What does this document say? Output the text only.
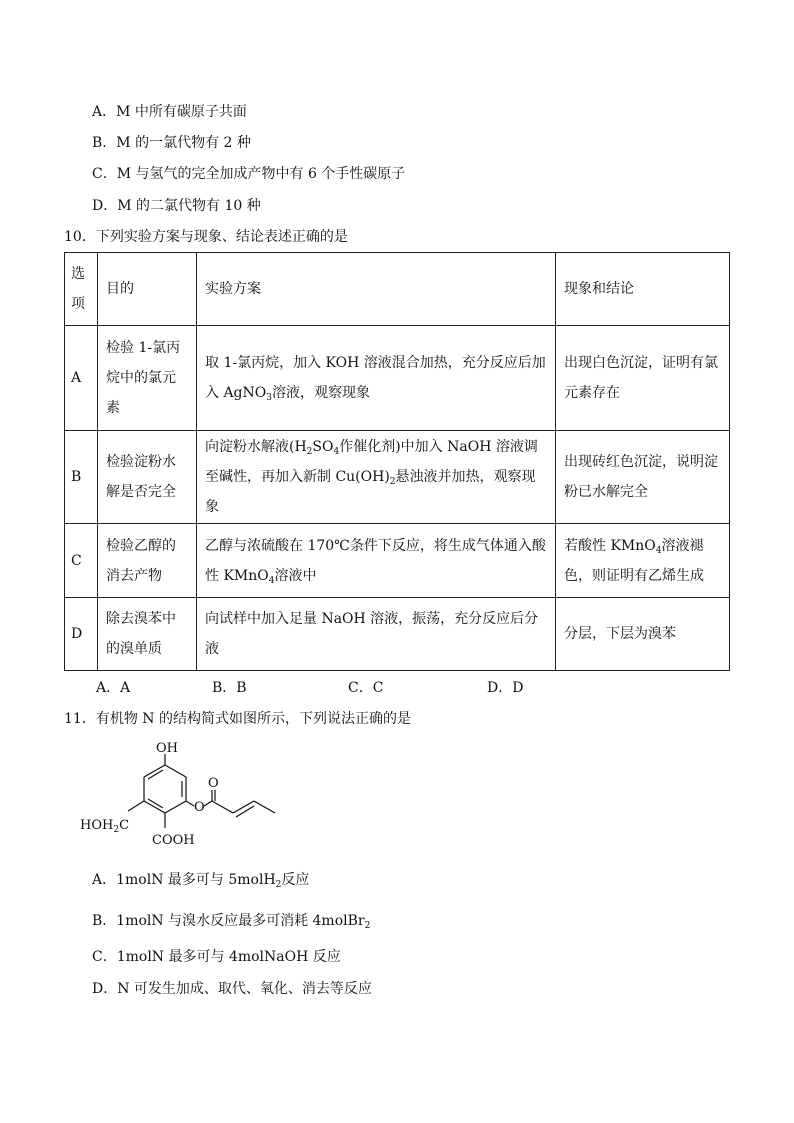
A．M 中所有碳原子共面
B．M 的一氯代物有 2 种
C．M 与氢气的完全加成产物中有 6 个手性碳原子
D．M 的二氯代物有 10 种
10．下列实验方案与现象、结论表述正确的是
选项	目的	实验方案	现象和结论
A	检验 1-氯丙烷中的氯元素	取 1-氯丙烷，加入 KOH 溶液混合加热，充分反应后加入 AgNO$_3$溶液，观察现象	出现白色沉淀，证明有氯元素存在
B	检验淀粉水解是否完全	向淀粉水解液($H_2SO_4$作催化剂)中加入 NaOH 溶液调至碱性，再加入新制 $Cu(OH)_2$悬浊液并加热，观察现象	出现砖红色沉淀，说明淀粉已水解完全
C	检验乙醇的消去产物	乙醇与浓硫酸在 170℃条件下反应，将生成气体通入酸性 KMnO$_4$溶液中	若酸性 KMnO$_4$溶液褪色，则证明有乙烯生成
D	除去溴苯中的溴单质	向试样中加入足量 NaOH 溶液，振荡，充分反应后分液	分层，下层为溴苯
A．A	B．B	C．C	D．D
11．有机物 N 的结构简式如图所示，下列说法正确的是
OH
$HOH_2C$
O
O
COOH
A．1molN 最多可与 5molH$_2$反应
B．1molN 与溴水反应最多可消耗 4molBr$_2$
C．1molN 最多可与 4molNaOH 反应
D．N 可发生加成、取代、氧化、消去等反应
